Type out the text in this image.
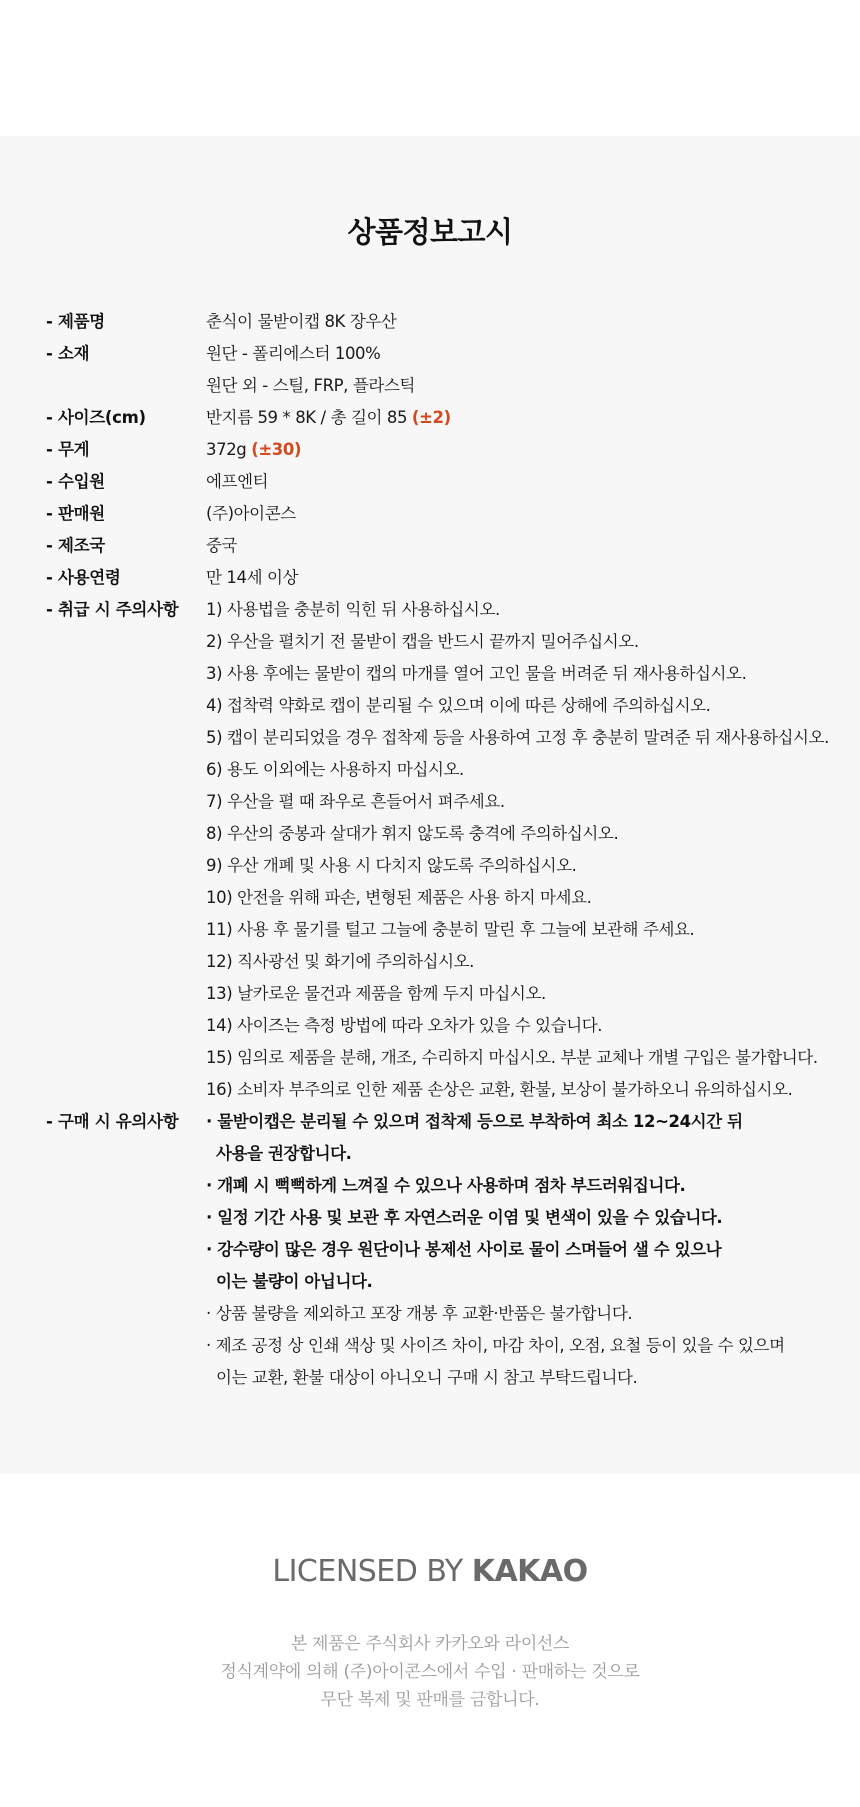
상품정보고시
- 제품명	춘식이 물받이캡 8K 장우산
- 소재	원단 - 폴리에스터 100%
원단 외 - 스틸, FRP, 플라스틱
- 사이즈(cm)	반지름 59 * 8K / 총 길이 85 (±2)
- 무게	372g (±30)
- 수입원	에프엔티
- 판매원	(주)아이콘스
- 제조국	중국
- 사용연령	만 14세 이상
- 취급 시 주의사항	1) 사용법을 충분히 익힌 뒤 사용하십시오.
2) 우산을 펼치기 전 물받이 캡을 반드시 끝까지 밀어주십시오.
3) 사용 후에는 물받이 캡의 마개를 열어 고인 물을 버려준 뒤 재사용하십시오.
4) 접착력 약화로 캡이 분리될 수 있으며 이에 따른 상해에 주의하십시오.
5) 캡이 분리되었을 경우 접착제 등을 사용하여 고정 후 충분히 말려준 뒤 재사용하십시오.
6) 용도 이외에는 사용하지 마십시오.
7) 우산을 펼 때 좌우로 흔들어서 펴주세요.
8) 우산의 중봉과 살대가 휘지 않도록 충격에 주의하십시오.
9) 우산 개폐 및 사용 시 다치지 않도록 주의하십시오.
10) 안전을 위해 파손, 변형된 제품은 사용 하지 마세요.
11) 사용 후 물기를 털고 그늘에 충분히 말린 후 그늘에 보관해 주세요.
12) 직사광선 및 화기에 주의하십시오.
13) 날카로운 물건과 제품을 함께 두지 마십시오.
14) 사이즈는 측정 방법에 따라 오차가 있을 수 있습니다.
15) 임의로 제품을 분해, 개조, 수리하지 마십시오. 부분 교체나 개별 구입은 불가합니다.
16) 소비자 부주의로 인한 제품 손상은 교환, 환불, 보상이 불가하오니 유의하십시오.
- 구매 시 유의사항	· 물받이캡은 분리될 수 있으며 접착제 등으로 부착하여 최소 12~24시간 뒤
사용을 권장합니다.
· 개폐 시 뻑뻑하게 느껴질 수 있으나 사용하며 점차 부드러워집니다.
· 일정 기간 사용 및 보관 후 자연스러운 이염 및 변색이 있을 수 있습니다.
· 강수량이 많은 경우 원단이나 봉제선 사이로 물이 스며들어 샐 수 있으나
이는 불량이 아닙니다.
· 상품 불량을 제외하고 포장 개봉 후 교환·반품은 불가합니다.
· 제조 공정 상 인쇄 색상 및 사이즈 차이, 마감 차이, 오점, 요철 등이 있을 수 있으며
이는 교환, 환불 대상이 아니오니 구매 시 참고 부탁드립니다.
LICENSED BY KAKAO
본 제품은 주식회사 카카오와 라이선스
정식계약에 의해 (주)아이콘스에서 수입 · 판매하는 것으로
무단 복제 및 판매를 금합니다.
